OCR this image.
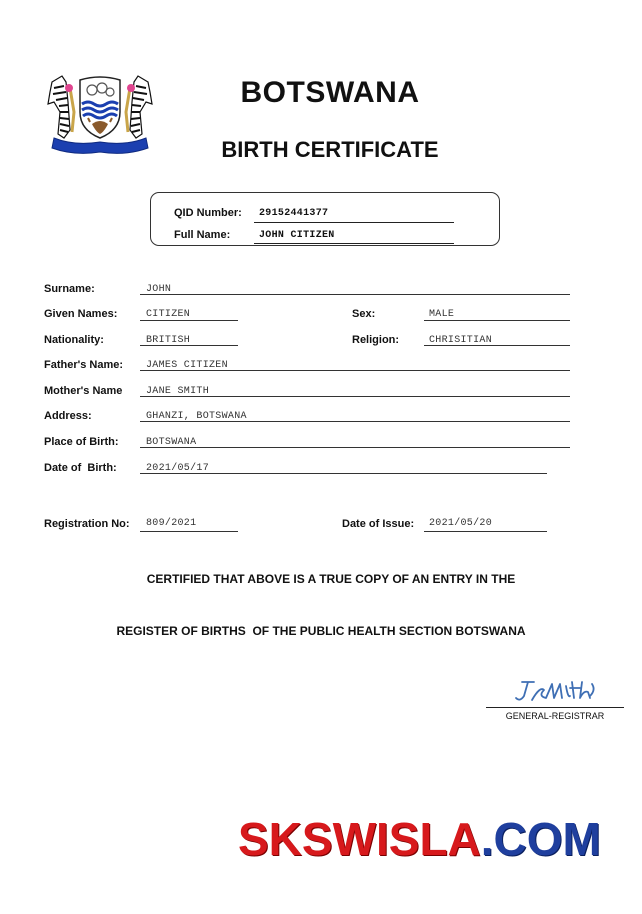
BOTSWANA
BIRTH CERTIFICATE
QID Number: 29152441377
Full Name:	JOHN CITIZEN
Surname:	JOHN
Given Names:	CITIZEN	Sex:	MALE
Nationality:	BRITISH	Religion:	CHRISITIAN
Father's Name: JAMES CITIZEN
Mother's Name JANE SMITH
Address:	GHANZI, BOTSWANA
Place of Birth:	BOTSWANA
Date of  Birth:	2021/05/17
Registration No: 809/2021	Date of Issue: 2021/05/20
CERTIFIED THAT ABOVE IS A TRUE COPY OF AN ENTRY IN THE
REGISTER OF BIRTHS  OF THE PUBLIC HEALTH SECTION BOTSWANA
GENERAL-REGISTRAR
SKSWISLA.COM
